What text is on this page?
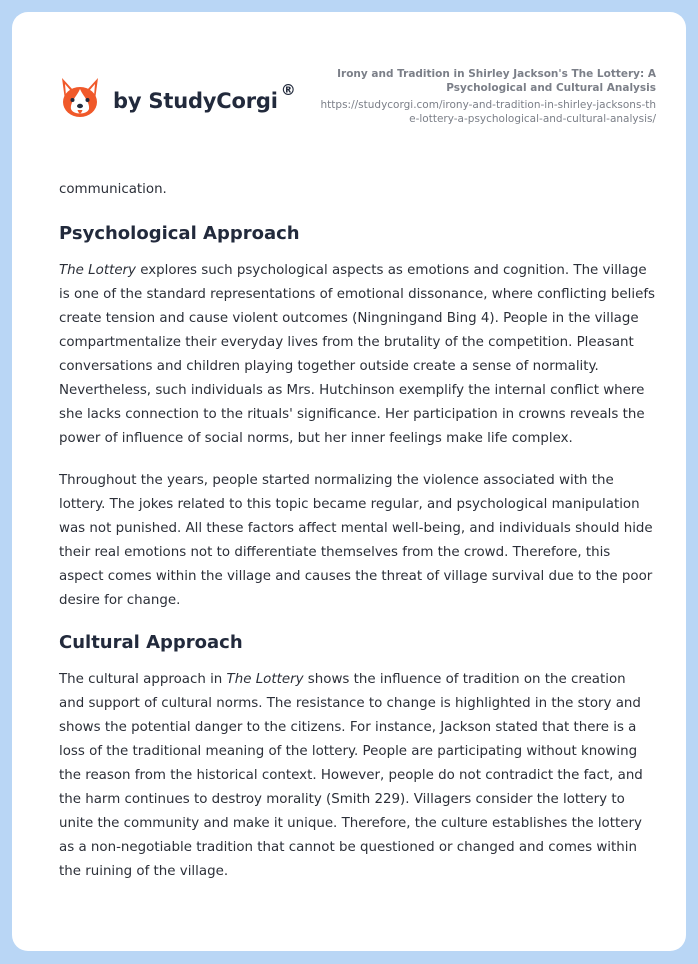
by StudyCorgi ®
Irony and Tradition in Shirley Jackson's The Lottery: A Psychological and Cultural Analysis
https://studycorgi.com/irony-and-tradition-in-shirley-jacksons-the-lottery-a-psychological-and-cultural-analysis/

communication.

Psychological Approach

The Lottery explores such psychological aspects as emotions and cognition. The village is one of the standard representations of emotional dissonance, where conflicting beliefs create tension and cause violent outcomes (Ningningand Bing 4). People in the village compartmentalize their everyday lives from the brutality of the competition. Pleasant conversations and children playing together outside create a sense of normality. Nevertheless, such individuals as Mrs. Hutchinson exemplify the internal conflict where she lacks connection to the rituals' significance. Her participation in crowns reveals the power of influence of social norms, but her inner feelings make life complex.

Throughout the years, people started normalizing the violence associated with the lottery. The jokes related to this topic became regular, and psychological manipulation was not punished. All these factors affect mental well-being, and individuals should hide their real emotions not to differentiate themselves from the crowd. Therefore, this aspect comes within the village and causes the threat of village survival due to the poor desire for change.

Cultural Approach

The cultural approach in The Lottery shows the influence of tradition on the creation and support of cultural norms. The resistance to change is highlighted in the story and shows the potential danger to the citizens. For instance, Jackson stated that there is a loss of the traditional meaning of the lottery. People are participating without knowing the reason from the historical context. However, people do not contradict the fact, and the harm continues to destroy morality (Smith 229). Villagers consider the lottery to unite the community and make it unique. Therefore, the culture establishes the lottery as a non-negotiable tradition that cannot be questioned or changed and comes within the ruining of the village.
